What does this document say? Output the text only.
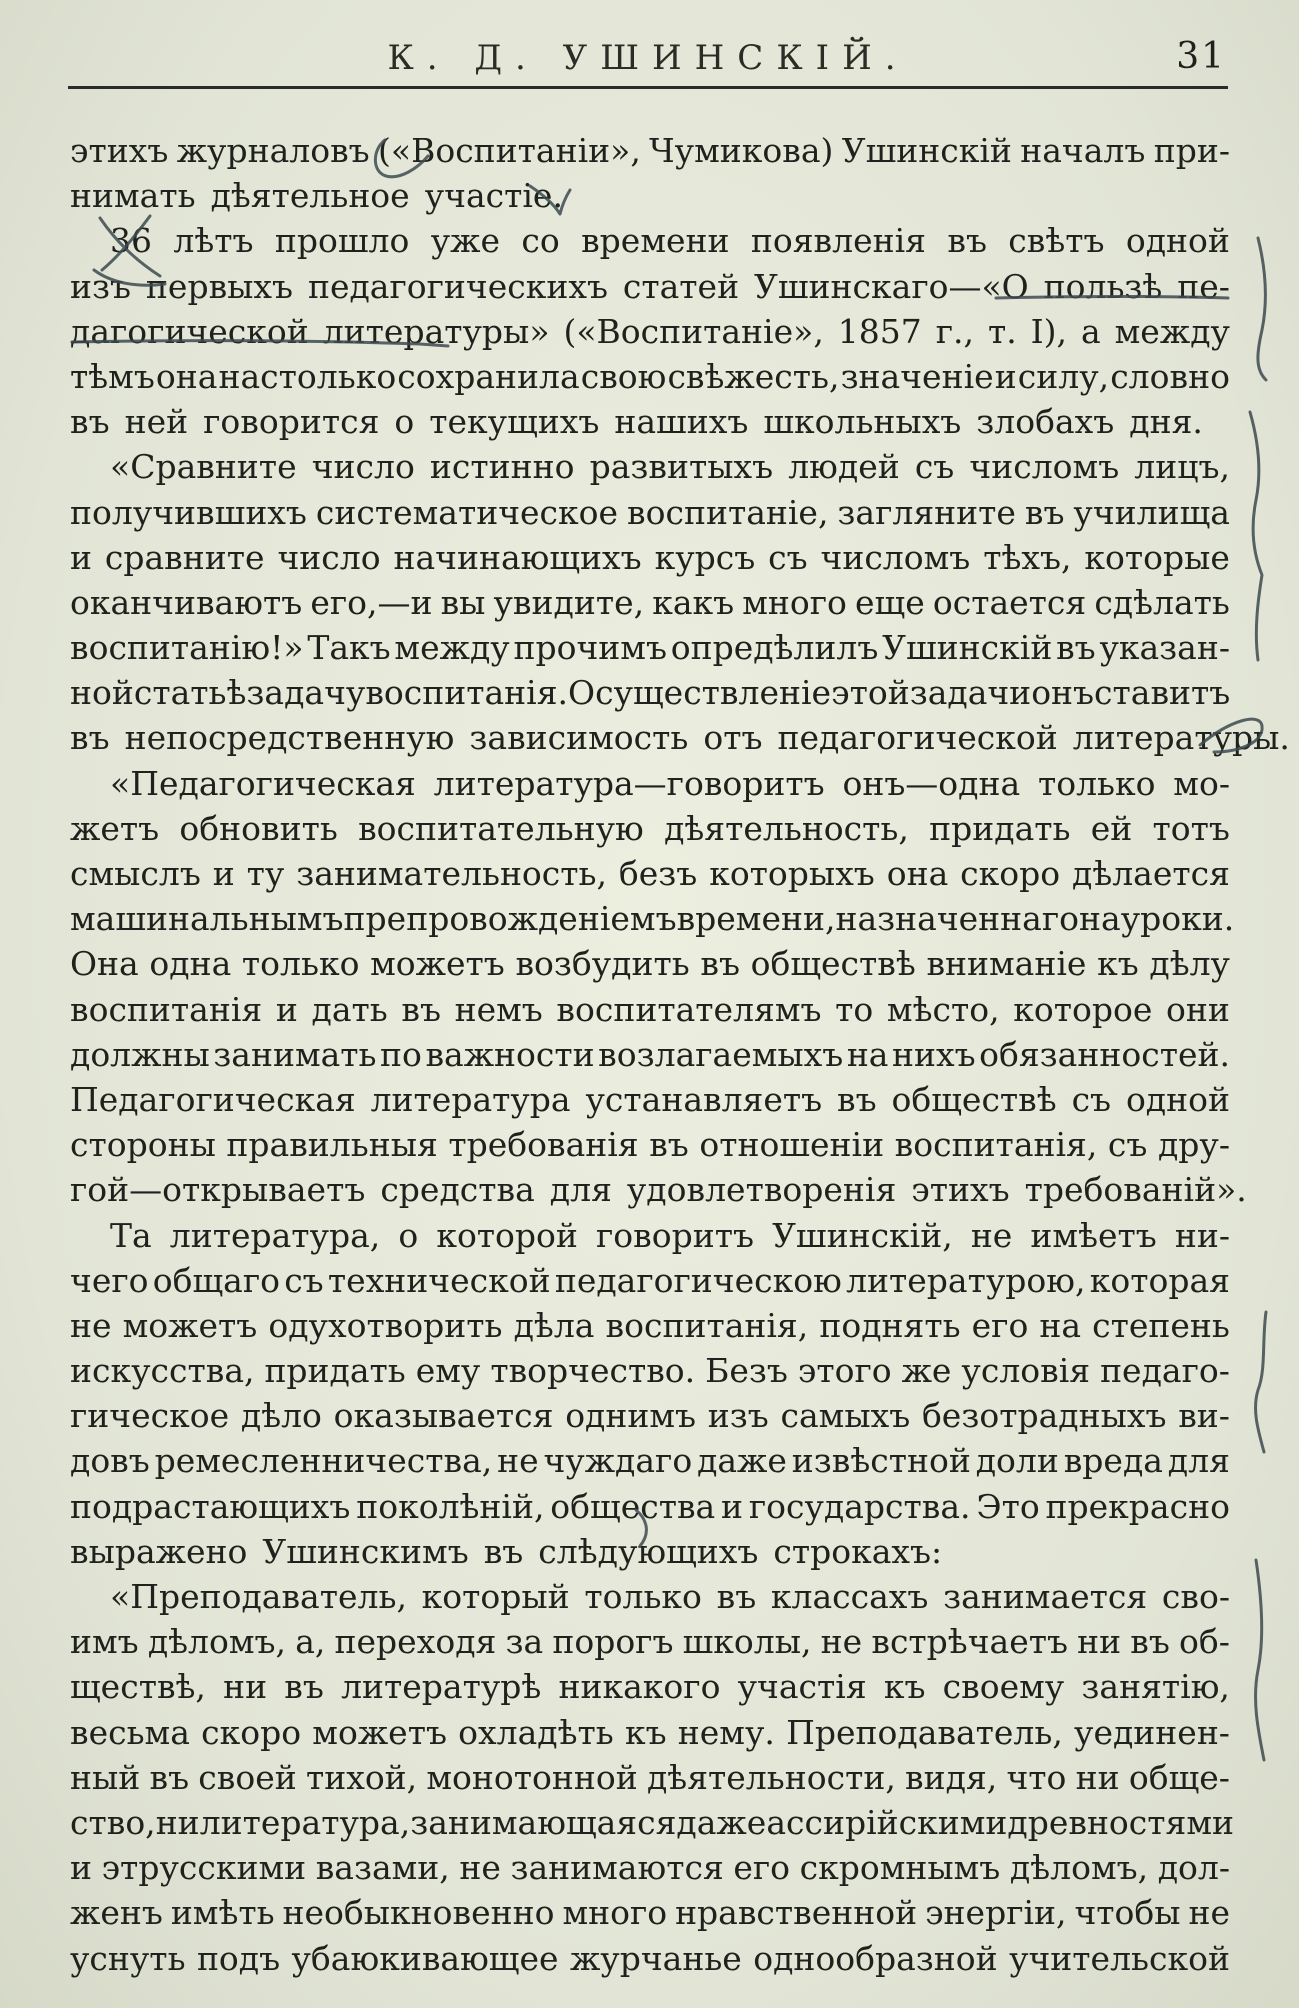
К. Д. УШИНСКІЙ.	31
этихъ журналовъ («Воспитаніи», Чумикова) Ушинскій началъ при-
нимать дѣятельное участіе.
36 лѣтъ прошло уже со времени появленія въ свѣтъ одной
изъ первыхъ педагогическихъ статей Ушинскаго—«О пользѣ пе-
дагогической литературы» («Воспитаніе», 1857 г., т. I), а между
тѣмъ она настолько сохранила свою свѣжесть, значеніе и силу, словно
въ ней говорится о текущихъ нашихъ школьныхъ злобахъ дня.
«Сравните число истинно развитыхъ людей съ числомъ лицъ,
получившихъ систематическое воспитаніе, загляните въ училища
и сравните число начинающихъ курсъ съ числомъ тѣхъ, которые
оканчиваютъ его,—и вы увидите, какъ много еще остается сдѣлать
воспитанію!» Такъ между прочимъ опредѣлилъ Ушинскій въ указан-
ной статьѣ задачу воспитанія. Осуществленіе этой задачи онъ ставитъ
въ непосредственную зависимость отъ педагогической литературы.
«Педагогическая литература—говоритъ онъ—одна только мо-
жетъ обновить воспитательную дѣятельность, придать ей тотъ
смыслъ и ту занимательность, безъ которыхъ она скоро дѣлается
машинальнымъ препровожденіемъ времени, назначеннаго на уроки.
Она одна только можетъ возбудить въ обществѣ вниманіе къ дѣлу
воспитанія и дать въ немъ воспитателямъ то мѣсто, которое они
должны занимать по важности возлагаемыхъ на нихъ обязанностей.
Педагогическая литература устанавляетъ въ обществѣ съ одной
стороны правильныя требованія въ отношеніи воспитанія, съ дру-
гой—открываетъ средства для удовлетворенія этихъ требованій».
Та литература, о которой говоритъ Ушинскій, не имѣетъ ни-
чего общаго съ технической педагогическою литературою, которая
не можетъ одухотворить дѣла воспитанія, поднять его на степень
искусства, придать ему творчество. Безъ этого же условія педаго-
гическое дѣло оказывается однимъ изъ самыхъ безотрадныхъ ви-
довъ ремесленничества, не чуждаго даже извѣстной доли вреда для
подрастающихъ поколѣній, общества и государства. Это прекрасно
выражено Ушинскимъ въ слѣдующихъ строкахъ:
«Преподаватель, который только въ классахъ занимается сво-
имъ дѣломъ, а, переходя за порогъ школы, не встрѣчаетъ ни въ об-
ществѣ, ни въ литературѣ никакого участія къ своему занятію,
весьма скоро можетъ охладѣть къ нему. Преподаватель, уединен-
ный въ своей тихой, монотонной дѣятельности, видя, что ни обще-
ство, ни литература, занимающаяся даже ассирійскими древностями
и этрусскими вазами, не занимаются его скромнымъ дѣломъ, дол-
женъ имѣть необыкновенно много нравственной энергіи, чтобы не
уснуть подъ убаюкивающее журчанье однообразной учительской
